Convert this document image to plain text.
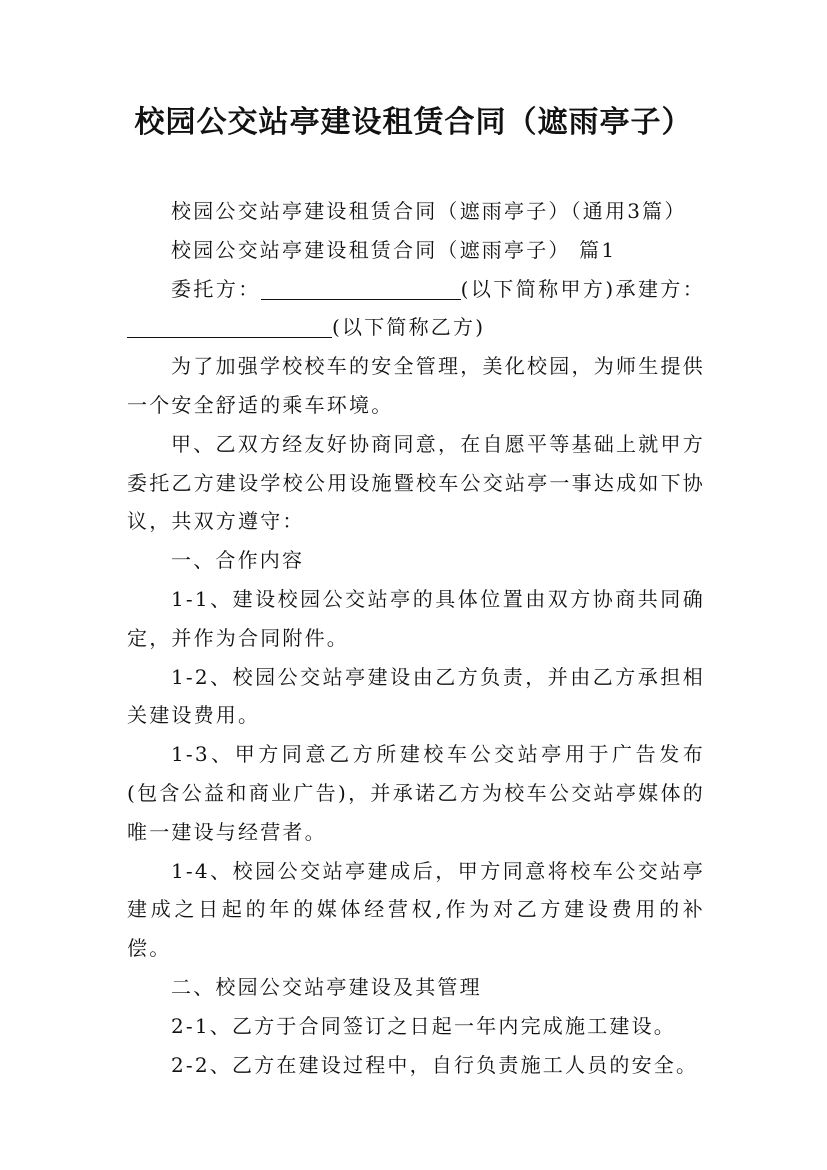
校园公交站亭建设租赁合同（遮雨亭子）

校园公交站亭建设租赁合同（遮雨亭子）（通用3篇）

校园公交站亭建设租赁合同（遮雨亭子） 篇1

委托方：	(以下简称甲方)承建方：(以下简称乙方)

为了加强学校校车的安全管理，美化校园，为师生提供一个安全舒适的乘车环境。

甲、乙双方经友好协商同意，在自愿平等基础上就甲方委托乙方建设学校公用设施暨校车公交站亭一事达成如下协议，共双方遵守：

一、合作内容

1-1、建设校园公交站亭的具体位置由双方协商共同确定，并作为合同附件。

1-2、校园公交站亭建设由乙方负责，并由乙方承担相关建设费用。

1-3、甲方同意乙方所建校车公交站亭用于广告发布(包含公益和商业广告)，并承诺乙方为校车公交站亭媒体的唯一建设与经营者。

1-4、校园公交站亭建成后，甲方同意将校车公交站亭建成之日起的年的媒体经营权,作为对乙方建设费用的补偿。

二、校园公交站亭建设及其管理

2-1、乙方于合同签订之日起一年内完成施工建设。

2-2、乙方在建设过程中，自行负责施工人员的安全。
